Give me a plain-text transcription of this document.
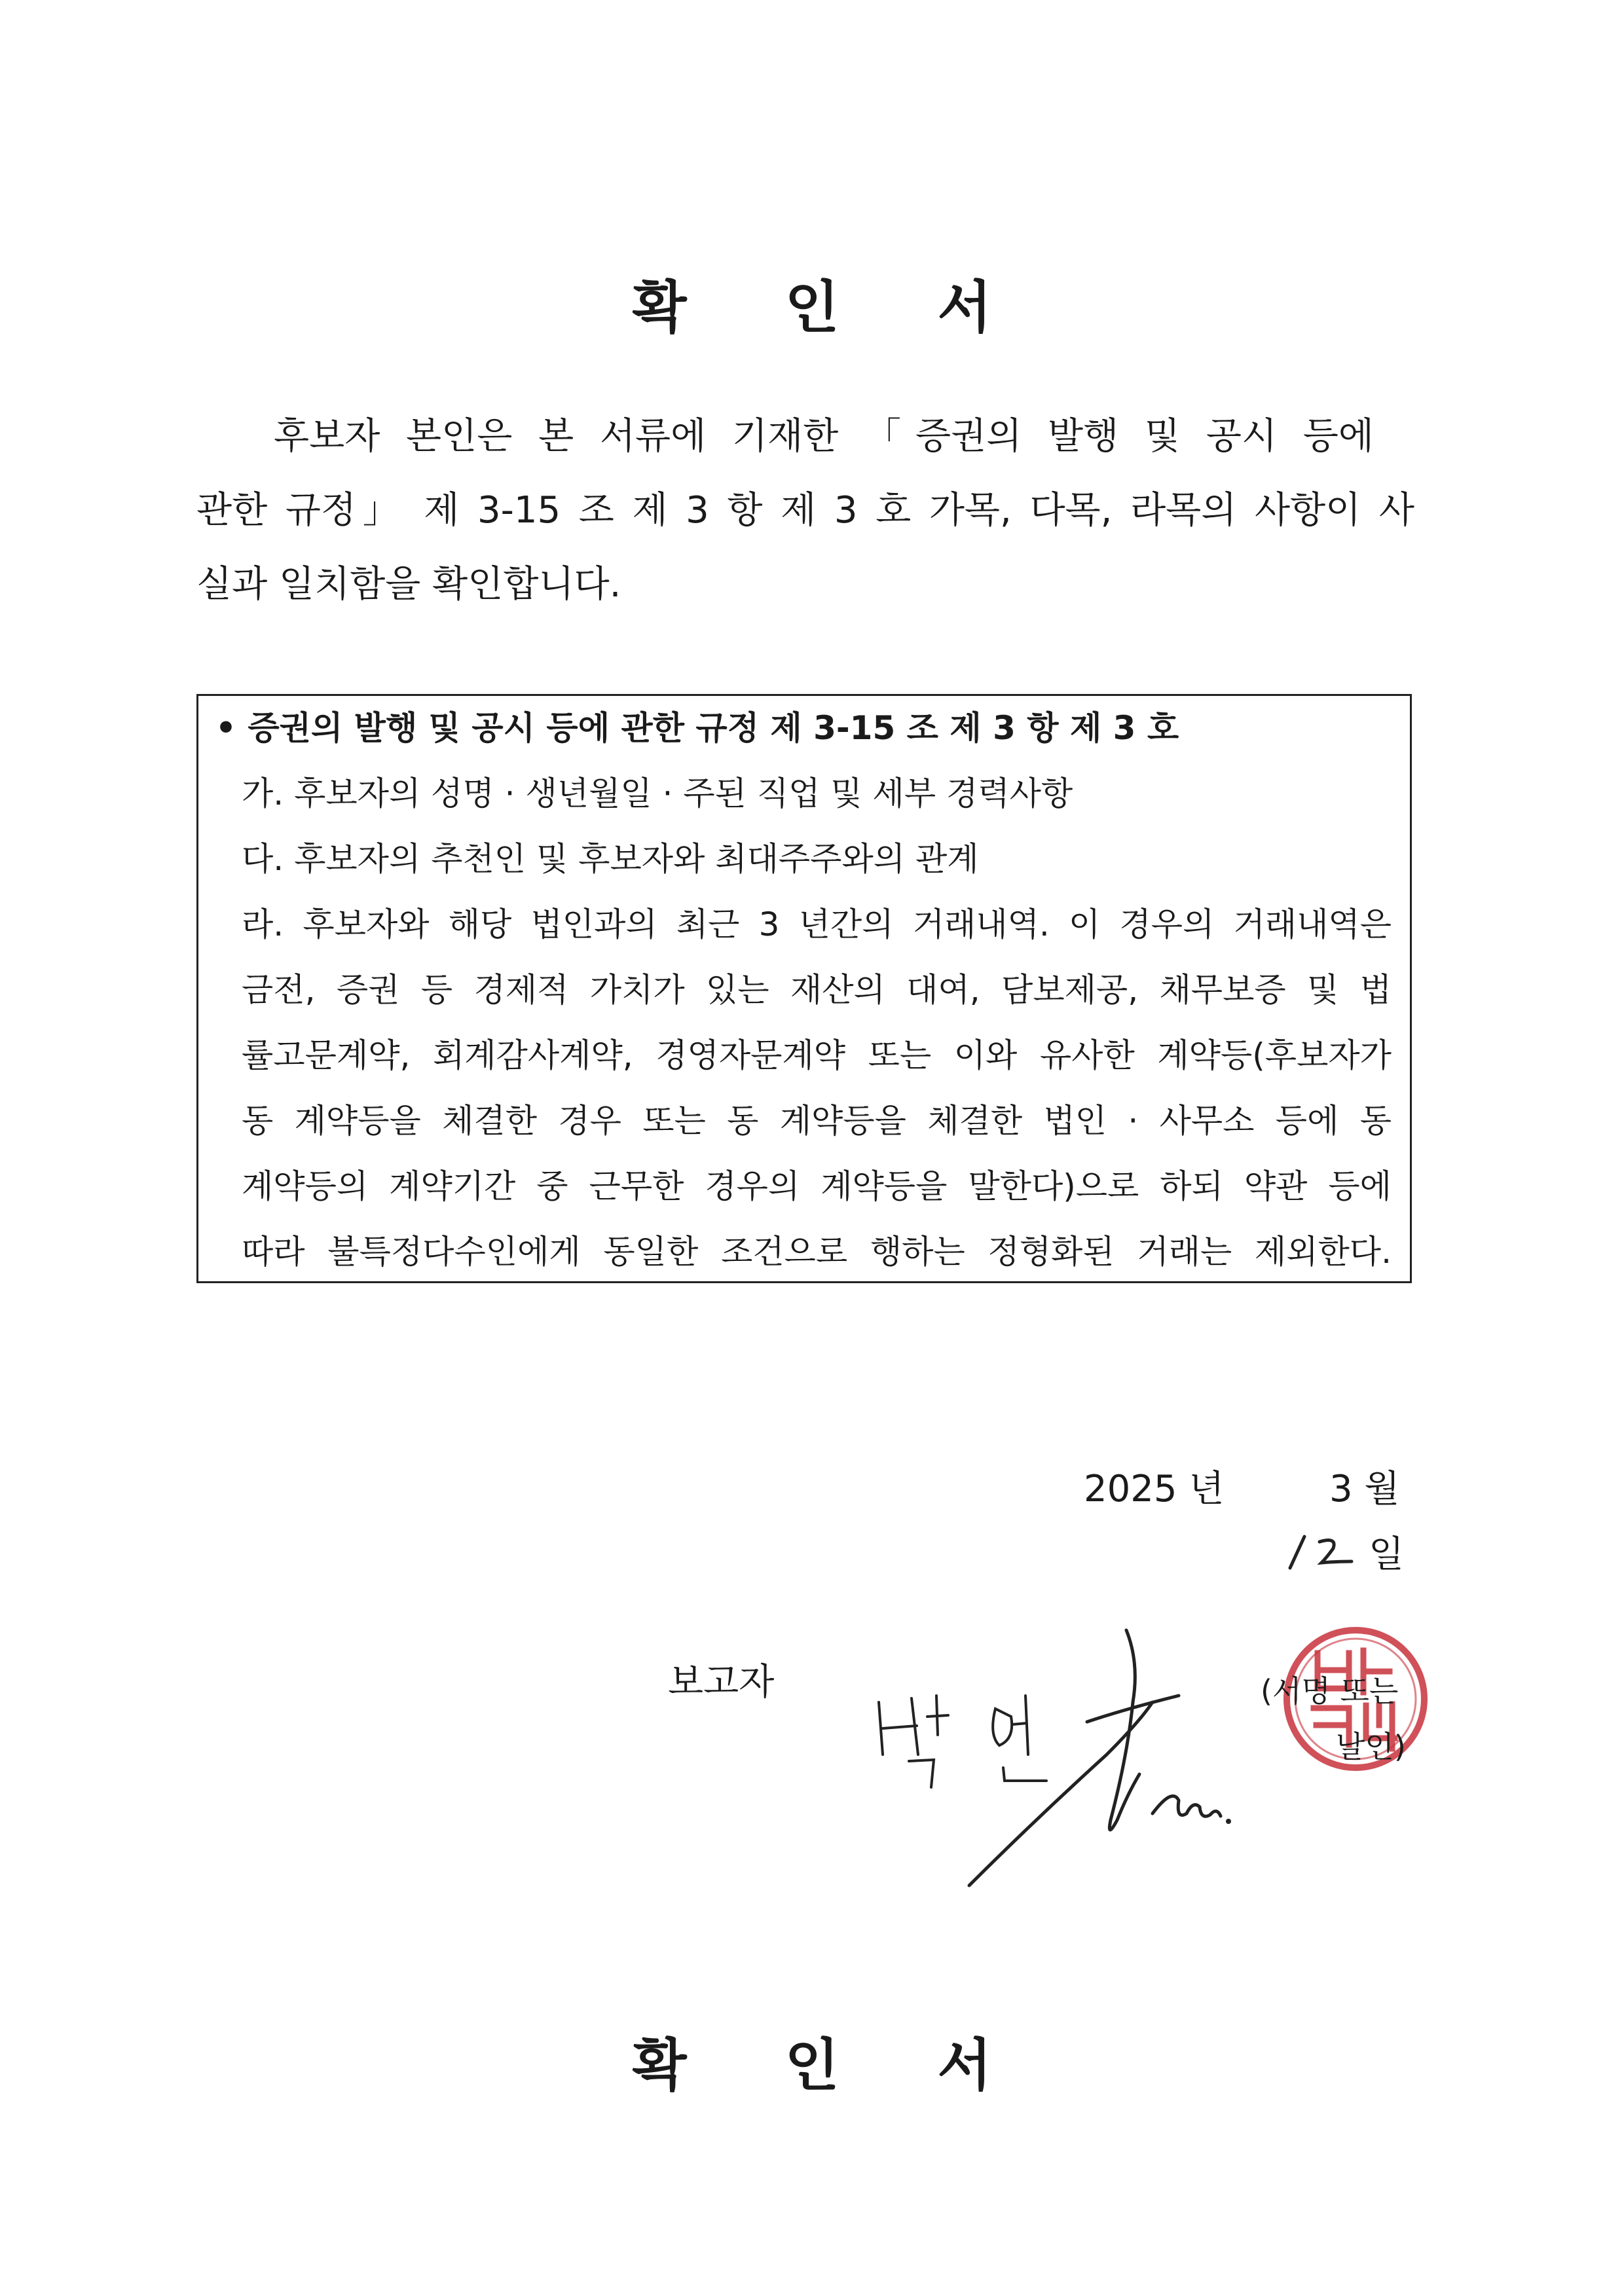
확 인 서
후보자 본인은 본 서류에 기재한 「증권의 발행 및 공시 등에
관한 규정」 제 3-15 조 제 3 항 제 3 호 가목, 다목, 라목의 사항이 사
실과 일치함을 확인합니다.
• 증권의 발행 및 공시 등에 관한 규정 제 3-15 조 제 3 항 제 3 호
가. 후보자의 성명 · 생년월일 · 주된 직업 및 세부 경력사항
다. 후보자의 추천인 및 후보자와 최대주주와의 관계
라. 후보자와 해당 법인과의 최근 3 년간의 거래내역. 이 경우의 거래내역은
금전, 증권 등 경제적 가치가 있는 재산의 대여, 담보제공, 채무보증 및 법
률고문계약, 회계감사계약, 경영자문계약 또는 이와 유사한 계약등(후보자가
동 계약등을 체결한 경우 또는 동 계약등을 체결한 법인 · 사무소 등에 동
계약등의 계약기간 중 근무한 경우의 계약등을 말한다)으로 하되 약관 등에
따라 불특정다수인에게 동일한 조건으로 행하는 정형화된 거래는 제외한다.
2025 년	3 월
일
보고자	(서명 또는
날인)
확 인 서
